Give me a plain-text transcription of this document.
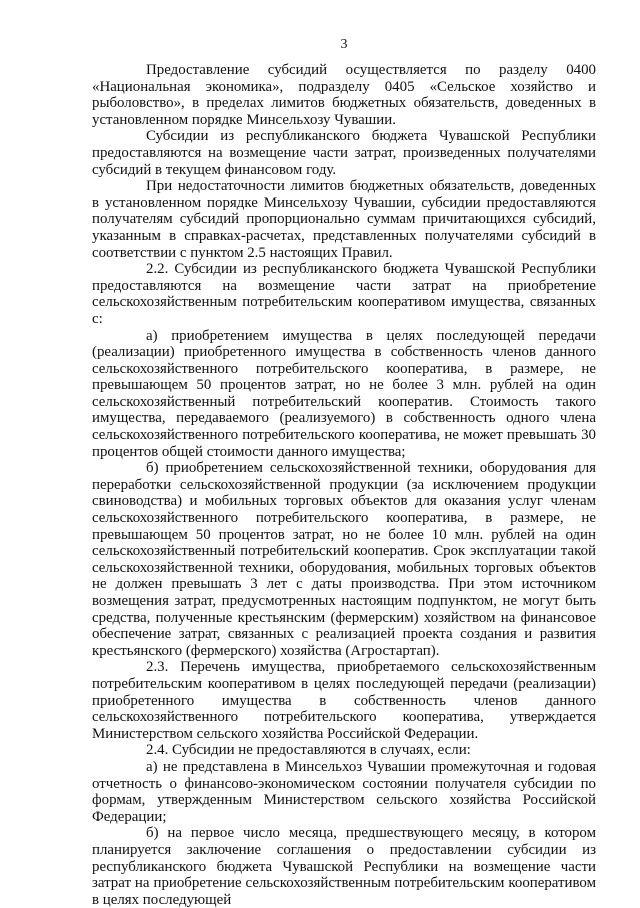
3

Предоставление субсидий осуществляется по разделу 0400 «Национальная экономика», подразделу 0405 «Сельское хозяйство и рыболовство», в пределах лимитов бюджетных обязательств, доведенных в установленном порядке Минсельхозу Чувашии.

Субсидии из республиканского бюджета Чувашской Республики предоставляются на возмещение части затрат, произведенных получателями субсидий в текущем финансовом году.

При недостаточности лимитов бюджетных обязательств, доведенных в установленном порядке Минсельхозу Чувашии, субсидии предоставляются получателям субсидий пропорционально суммам причитающихся субсидий, указанным в справках-расчетах, представленных получателями субсидий в соответствии с пунктом 2.5 настоящих Правил.

2.2. Субсидии из республиканского бюджета Чувашской Республики предоставляются на возмещение части затрат на приобретение сельскохозяйственным потребительским кооперативом имущества, связанных с:

а) приобретением имущества в целях последующей передачи (реализации) приобретенного имущества в собственность членов данного сельскохозяйственного потребительского кооператива, в размере, не превышающем 50 процентов затрат, но не более 3 млн. рублей на один сельскохозяйственный потребительский кооператив. Стоимость такого имущества, передаваемого (реализуемого) в собственность одного члена сельскохозяйственного потребительского кооператива, не может превышать 30 процентов общей стоимости данного имущества;

б) приобретением сельскохозяйственной техники, оборудования для переработки сельскохозяйственной продукции (за исключением продукции свиноводства) и мобильных торговых объектов для оказания услуг членам сельскохозяйственного потребительского кооператива, в размере, не превышающем 50 процентов затрат, но не более 10 млн. рублей на один сельскохозяйственный потребительский кооператив. Срок эксплуатации такой сельскохозяйственной техники, оборудования, мобильных торговых объектов не должен превышать 3 лет с даты производства. При этом источником возмещения затрат, предусмотренных настоящим подпунктом, не могут быть средства, полученные крестьянским (фермерским) хозяйством на финансовое обеспечение затрат, связанных с реализацией проекта создания и развития крестьянского (фермерского) хозяйства (Агростартап).

2.3. Перечень имущества, приобретаемого сельскохозяйственным потребительским кооперативом в целях последующей передачи (реализации) приобретенного имущества в собственность членов данного сельскохозяйственного потребительского кооператива, утверждается Министерством сельского хозяйства Российской Федерации.

2.4. Субсидии не предоставляются в случаях, если:

а) не представлена в Минсельхоз Чувашии промежуточная и годовая отчетность о финансово-экономическом состоянии получателя субсидии по формам, утвержденным Министерством сельского хозяйства Российской Федерации;

б) на первое число месяца, предшествующего месяцу, в котором планируется заключение соглашения о предоставлении субсидии из республиканского бюджета Чувашской Республики на возмещение части затрат на приобретение сельскохозяйственным потребительским кооперативом в целях последующей
